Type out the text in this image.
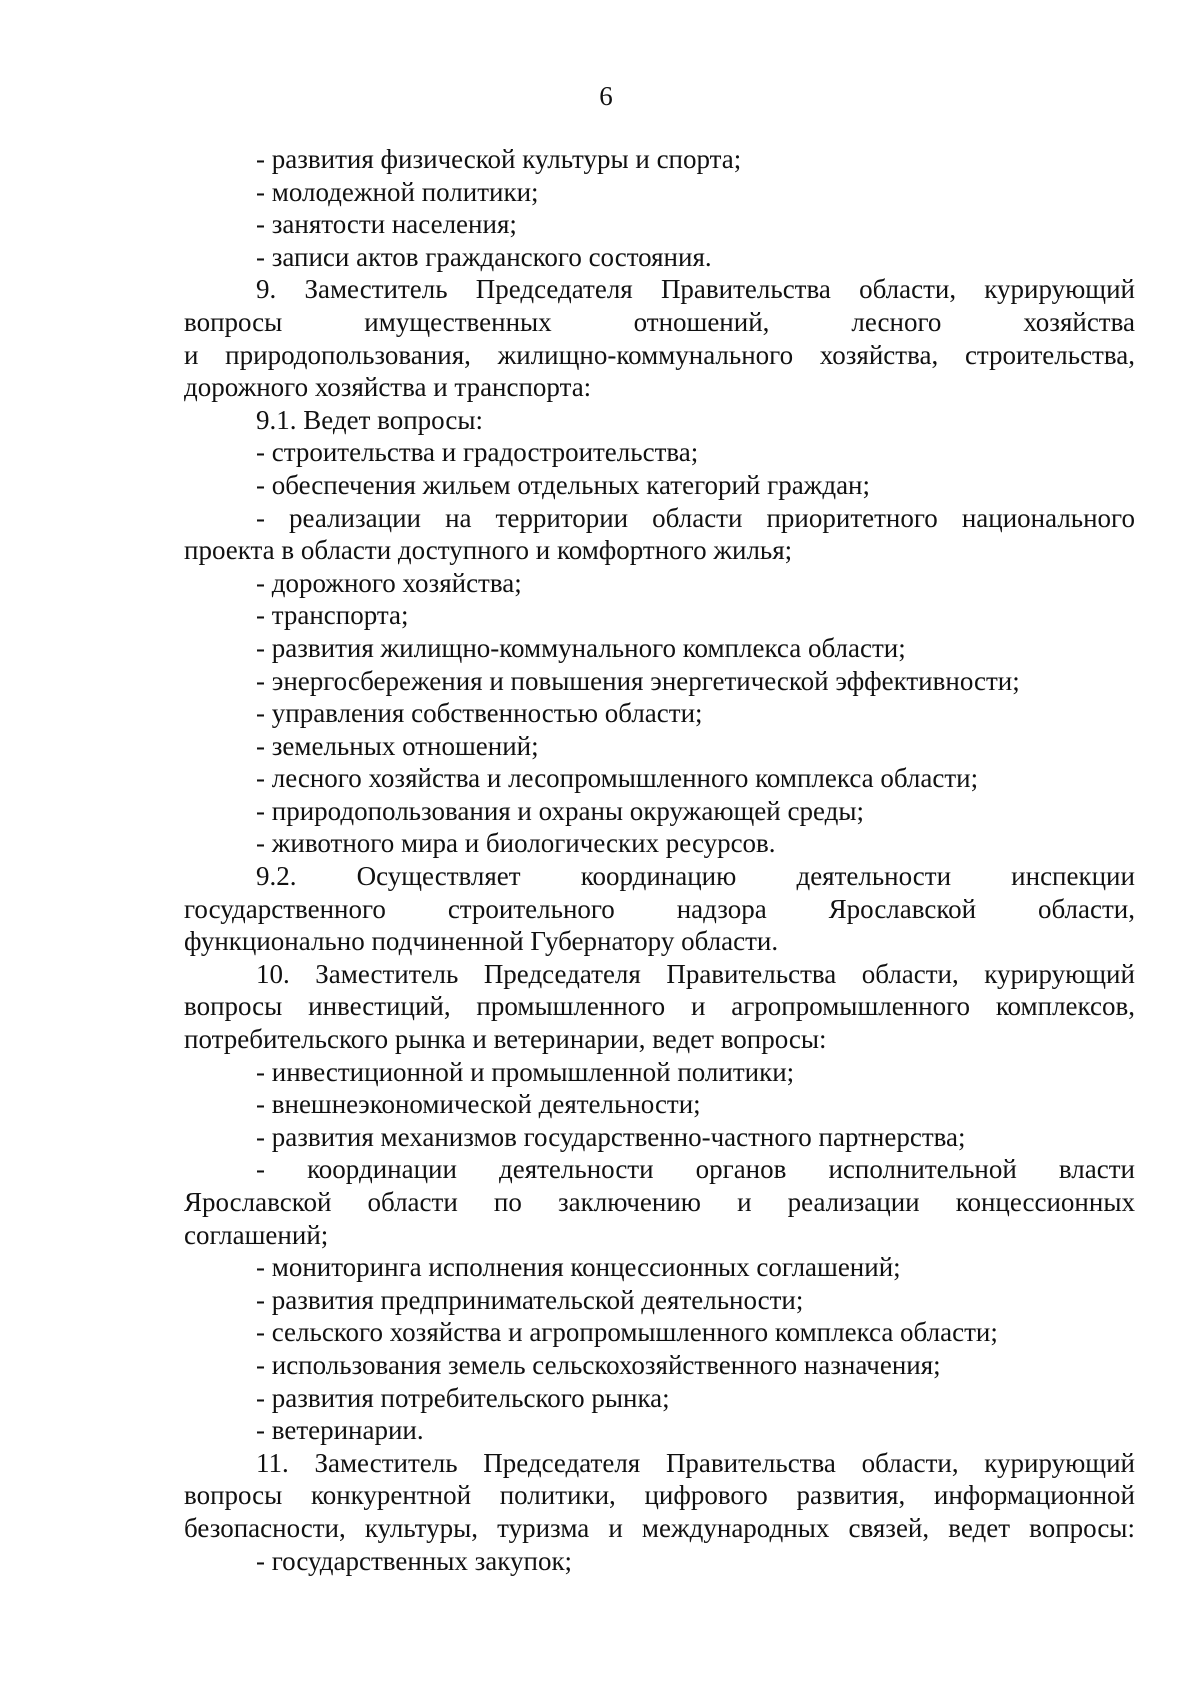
6
- развития физической культуры и спорта;
- молодежной политики;
- занятости населения;
- записи актов гражданского состояния.
9. Заместитель Председателя Правительства области, курирующий
вопросы	имущественных	отношений,	лесного	хозяйства
и природопользования, жилищно-коммунального хозяйства, строительства,
дорожного хозяйства и транспорта:
9.1. Ведет вопросы:
- строительства и градостроительства;
- обеспечения жильем отдельных категорий граждан;
- реализации на территории области приоритетного национального
проекта в области доступного и комфортного жилья;
- дорожного хозяйства;
- транспорта;
- развития жилищно-коммунального комплекса области;
- энергосбережения и повышения энергетической эффективности;
- управления собственностью области;
- земельных отношений;
- лесного хозяйства и лесопромышленного комплекса области;
- природопользования и охраны окружающей среды;
- животного мира и биологических ресурсов.
9.2. Осуществляет координацию деятельности инспекции
государственного строительного надзора Ярославской области,
функционально подчиненной Губернатору области.
10. Заместитель Председателя Правительства области, курирующий
вопросы инвестиций, промышленного и агропромышленного комплексов,
потребительского рынка и ветеринарии, ведет вопросы:
- инвестиционной и промышленной политики;
- внешнеэкономической деятельности;
- развития механизмов государственно-частного партнерства;
- координации деятельности органов исполнительной власти
Ярославской области по заключению и реализации концессионных
соглашений;
- мониторинга исполнения концессионных соглашений;
- развития предпринимательской деятельности;
- сельского хозяйства и агропромышленного комплекса области;
- использования земель сельскохозяйственного назначения;
- развития потребительского рынка;
- ветеринарии.
11. Заместитель Председателя Правительства области, курирующий
вопросы конкурентной политики, цифрового развития, информационной
безопасности, культуры, туризма и международных связей, ведет вопросы:
- государственных закупок;
